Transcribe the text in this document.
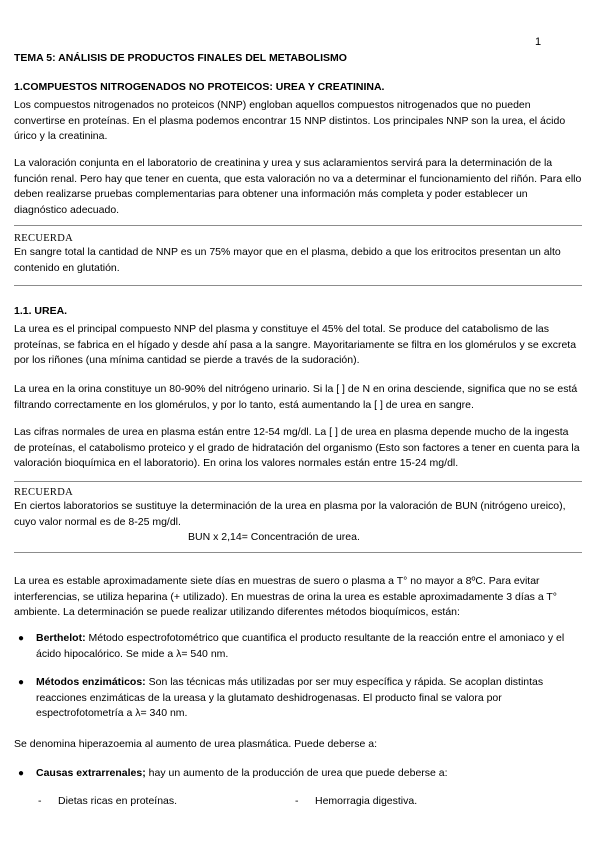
1
TEMA 5: ANÁLISIS DE PRODUCTOS FINALES DEL METABOLISMO
1.COMPUESTOS NITROGENADOS NO PROTEICOS: UREA Y CREATININA.
Los compuestos nitrogenados no proteicos (NNP) engloban aquellos compuestos nitrogenados que no pueden convertirse en proteínas. En el plasma podemos encontrar 15 NNP distintos. Los principales NNP son la urea, el ácido úrico y la creatinina.
La valoración conjunta en el laboratorio de creatinina y urea y sus aclaramientos servirá para la determinación de la función renal. Pero hay que tener en cuenta, que esta valoración no va a determinar el funcionamiento del riñón. Para ello deben realizarse pruebas complementarias para obtener una información más completa y poder establecer un diagnóstico adecuado.
RECUERDA
En sangre total la cantidad de NNP es un 75% mayor que en el plasma, debido a que los eritrocitos presentan un alto contenido en glutatión.
1.1. UREA.
La urea es el principal compuesto NNP del plasma y constituye el 45% del total. Se produce del catabolismo de las proteínas, se fabrica en el hígado y desde ahí pasa a la sangre. Mayoritariamente se filtra en los glomérulos y se excreta por los riñones (una mínima cantidad se pierde a través de la sudoración).
La urea en la orina constituye un 80-90% del nitrógeno urinario. Si la [ ] de N en orina desciende, significa que no se está filtrando correctamente en los glomérulos, y por lo tanto, está aumentando la [ ] de urea en sangre.
Las cifras normales de urea en plasma están entre 12-54 mg/dl. La [ ] de urea en plasma depende mucho de la ingesta de proteínas, el catabolismo proteico y el grado de hidratación del organismo (Esto son factores a tener en cuenta para la valoración bioquímica en el laboratorio). En orina los valores normales están entre 15-24 mg/dl.
RECUERDA
En ciertos laboratorios se sustituye la determinación de la urea en plasma por la valoración de BUN (nitrógeno ureico), cuyo valor normal es de 8-25 mg/dl.
BUN x 2,14= Concentración de urea.
La urea es estable aproximadamente siete días en muestras de suero o plasma a T° no mayor a 8ºC. Para evitar interferencias, se utiliza heparina (+ utilizado). En muestras de orina la urea es estable aproximadamente 3 días a T° ambiente. La determinación se puede realizar utilizando diferentes métodos bioquímicos, están:
● Berthelot: Método espectrofotométrico que cuantifica el producto resultante de la reacción entre el amoniaco y el ácido hipocalórico. Se mide a λ= 540 nm.
● Métodos enzimáticos: Son las técnicas más utilizadas por ser muy específica y rápida. Se acoplan distintas reacciones enzimáticas de la ureasa y la glutamato deshidrogenasas. El producto final se valora por espectrofotometría a λ= 340 nm.
Se denomina hiperazoemia al aumento de urea plasmática. Puede deberse a:
● Causas extrarrenales; hay un aumento de la producción de urea que puede deberse a:
- Dietas ricas en proteínas.	- Hemorragia digestiva.
